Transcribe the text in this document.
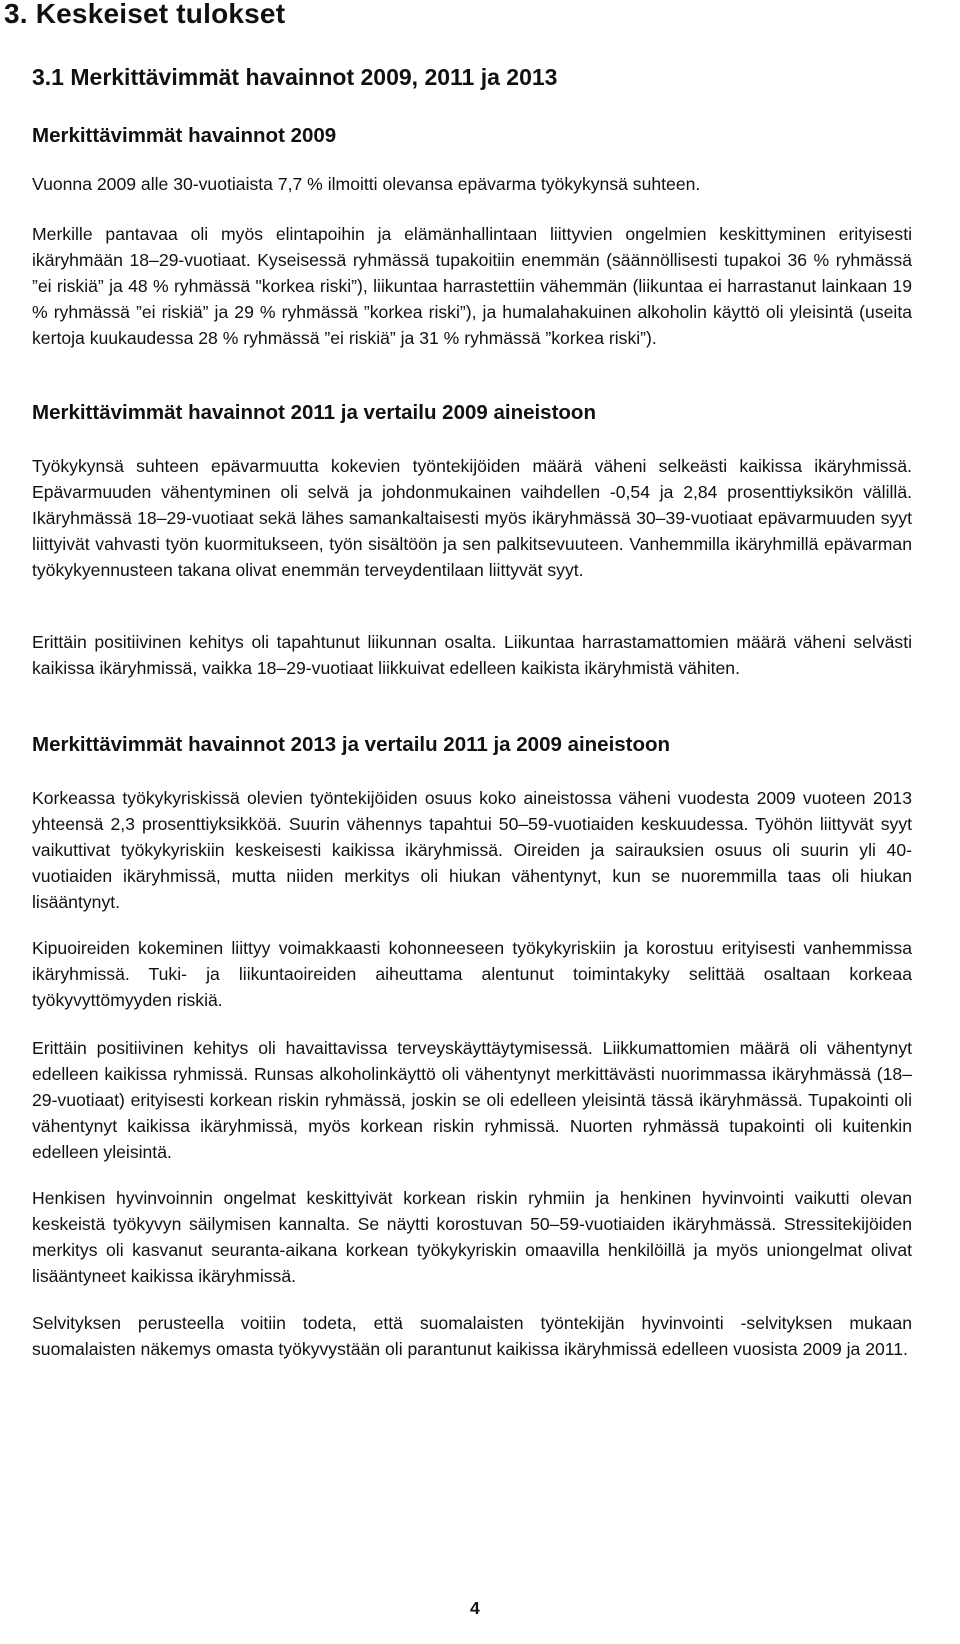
3. Keskeiset tulokset
3.1 Merkittävimmät havainnot 2009, 2011 ja 2013
Merkittävimmät havainnot 2009

Vuonna 2009 alle 30-vuotiaista 7,7 % ilmoitti olevansa epävarma työkykynsä suhteen.

Merkille pantavaa oli myös elintapoihin ja elämänhallintaan liittyvien ongelmien keskittyminen erityisesti ikäryhmään 18–29-vuotiaat. Kyseisessä ryhmässä tupakoitiin enemmän (säännöllisesti tupakoi 36 % ryhmässä ”ei riskiä” ja 48 % ryhmässä "korkea riski”), liikuntaa harrastettiin vähemmän (liikuntaa ei harrastanut lainkaan 19 % ryhmässä ”ei riskiä” ja 29 % ryhmässä ”korkea riski”), ja humalahakuinen alkoholin käyttö oli yleisintä (useita kertoja kuukaudessa 28 % ryhmässä ”ei riskiä” ja 31 % ryhmässä ”korkea riski”).

Merkittävimmät havainnot 2011 ja vertailu 2009 aineistoon

Työkykynsä suhteen epävarmuutta kokevien työntekijöiden määrä väheni selkeästi kaikissa ikäryhmissä. Epävarmuuden vähentyminen oli selvä ja johdonmukainen vaihdellen -0,54 ja 2,84 prosenttiyksikön välillä. Ikäryhmässä 18–29-vuotiaat sekä lähes samankaltaisesti myös ikäryhmässä 30–39-vuotiaat epävarmuuden syyt liittyivät vahvasti työn kuormitukseen, työn sisältöön ja sen palkitsevuuteen. Vanhemmilla ikäryhmillä epävarman työkykyennusteen takana olivat enemmän terveydentilaan liittyvät syyt.

Erittäin positiivinen kehitys oli tapahtunut liikunnan osalta. Liikuntaa harrastamattomien määrä väheni selvästi kaikissa ikäryhmissä, vaikka 18–29-vuotiaat liikkuivat edelleen kaikista ikäryhmistä vähiten.

Merkittävimmät havainnot 2013 ja vertailu 2011 ja 2009 aineistoon

Korkeassa työkykyriskissä olevien työntekijöiden osuus koko aineistossa väheni vuodesta 2009 vuoteen 2013 yhteensä 2,3 prosenttiyksikköä. Suurin vähennys tapahtui 50–59-vuotiaiden keskuudessa. Työhön liittyvät syyt vaikuttivat työkykyriskiin keskeisesti kaikissa ikäryhmissä. Oireiden ja sairauksien osuus oli suurin yli 40-vuotiaiden ikäryhmissä, mutta niiden merkitys oli hiukan vähentynyt, kun se nuoremmilla taas oli hiukan lisääntynyt.

Kipuoireiden kokeminen liittyy voimakkaasti kohonneeseen työkykyriskiin ja korostuu erityisesti vanhemmissa ikäryhmissä. Tuki- ja liikuntaoireiden aiheuttama alentunut toimintakyky selittää osaltaan korkeaa työkyvyttömyyden riskiä.

Erittäin positiivinen kehitys oli havaittavissa terveyskäyttäytymisessä. Liikkumattomien määrä oli vähentynyt edelleen kaikissa ryhmissä. Runsas alkoholinkäyttö oli vähentynyt merkittävästi nuorimmassa ikäryhmässä (18–29-vuotiaat) erityisesti korkean riskin ryhmässä, joskin se oli edelleen yleisintä tässä ikäryhmässä. Tupakointi oli vähentynyt kaikissa ikäryhmissä, myös korkean riskin ryhmissä. Nuorten ryhmässä tupakointi oli kuitenkin edelleen yleisintä.

Henkisen hyvinvoinnin ongelmat keskittyivät korkean riskin ryhmiin ja henkinen hyvinvointi vaikutti olevan keskeistä työkyvyn säilymisen kannalta. Se näytti korostuvan 50–59-vuotiaiden ikäryhmässä. Stressitekijöiden merkitys oli kasvanut seuranta-aikana korkean työkykyriskin omaavilla henkilöillä ja myös uniongelmat olivat lisääntyneet kaikissa ikäryhmissä.

Selvityksen perusteella voitiin todeta, että suomalaisten työntekijän hyvinvointi -selvityksen mukaan suomalaisten näkemys omasta työkyvystään oli parantunut kaikissa ikäryhmissä edelleen vuosista 2009 ja 2011.

4
